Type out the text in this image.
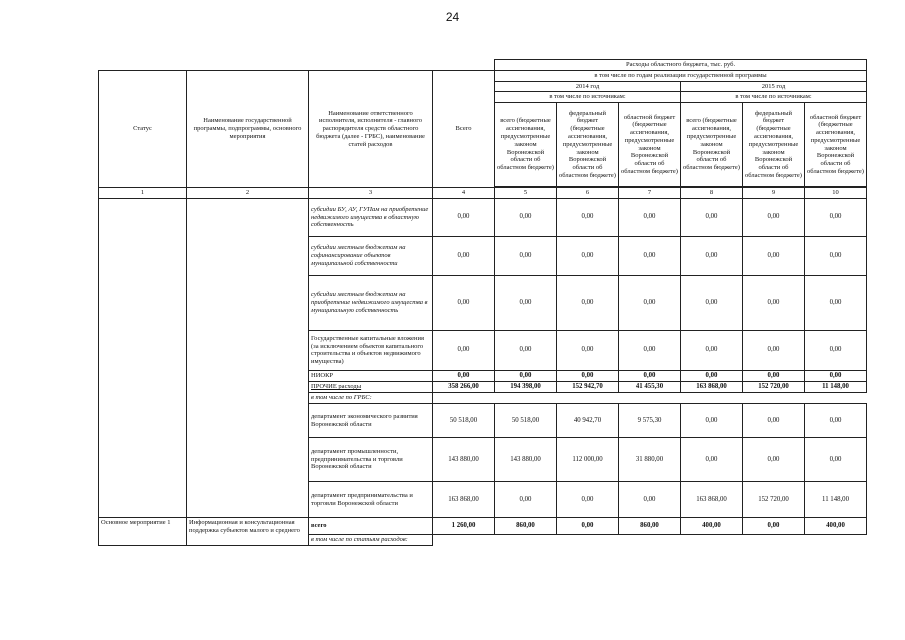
24
				Расходы областного бюджета, тыс. руб.					
Статус	Наименование государственной программы, подпрограммы, основного мероприятия	Наименование ответственного исполнителя, исполнителя - главного распорядителя средств областного бюджета (далее - ГРБС), наименование статей расходов	Всего	в том числе по годам реализации государственной программы					
				2014 год			2015 год		
				в том числе по источникам:			в том числе по источникам:		
				всего (бюджетные ассигнования, предусмотренные законом Воронежской области об областном бюджете)	федеральный бюджет (бюджетные ассигнования, предусмотренные законом Воронежской области об областном бюджете)	областной бюджет (бюджетные ассигнования, предусмотренные законом Воронежской области об областном бюджете)	всего (бюджетные ассигнования, предусмотренные законом Воронежской области об областном бюджете)	федеральный бюджет (бюджетные ассигнования, предусмотренные законом Воронежской области об областном бюджете)	областной бюджет (бюджетные ассигнования, предусмотренные законом Воронежской области об областном бюджете)

1	2	3	4	5	6	7	8	9	10
		субсидии БУ, АУ, ГУПам на приобретение недвижимого имущества в областную собственность	0,00	0,00	0,00	0,00	0,00	0,00	0,00
		субсидии местным бюджетам на софинансирование объектов муниципальной собственности	0,00	0,00	0,00	0,00	0,00	0,00	0,00
		субсидии местным бюджетам на приобретение недвижимого имущества в муниципальную собственность	0,00	0,00	0,00	0,00	0,00	0,00	0,00
		Государственные капитальные вложения (за исключением объектов капитального строительства и объектов недвижимого имущества)	0,00	0,00	0,00	0,00	0,00	0,00	0,00
		НИОКР	0,00	0,00	0,00	0,00	0,00	0,00	0,00
		ПРОЧИЕ расходы	358 266,00	194 398,00	152 942,70	41 455,30	163 868,00	152 720,00	11 148,00
		в том числе по ГРБС:							
		департамент экономического развития Воронежской области	50 518,00	50 518,00	40 942,70	9 575,30	0,00	0,00	0,00
		департамент промышленности, предпринимательства и торговли Воронежской области	143 880,00	143 880,00	112 000,00	31 880,00	0,00	0,00	0,00
		департамент предпринимательства и торговли Воронежской области	163 868,00	0,00	0,00	0,00	163 868,00	152 720,00	11 148,00
Основное мероприятие 1	Информационная и консультационная поддержка субъектов малого и среднего	всего	1 260,00	860,00	0,00	860,00	400,00	0,00	400,00
		в том числе по статьям расходов:							
